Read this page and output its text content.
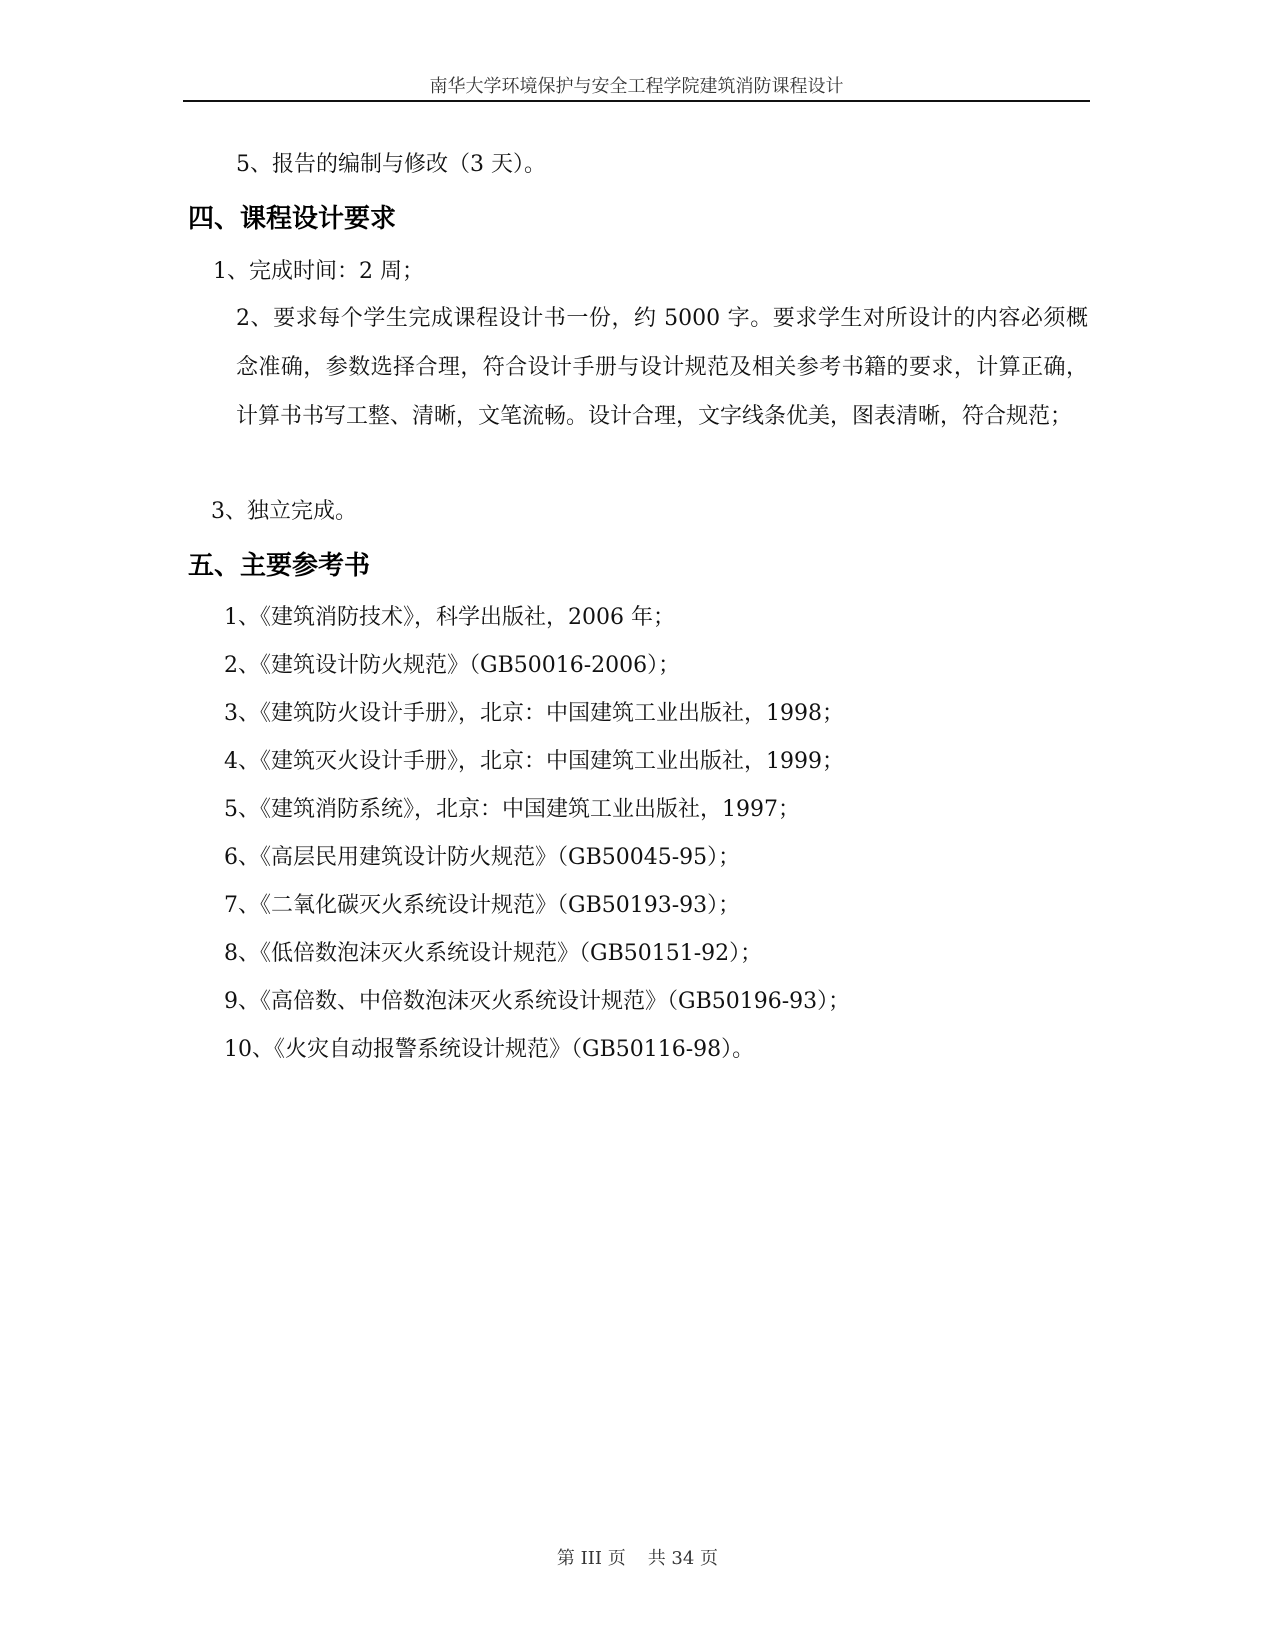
南华大学环境保护与安全工程学院建筑消防课程设计
5、报告的编制与修改（3 天）。
四、课程设计要求
1、完成时间：2 周；
2、要求每个学生完成课程设计书一份，约 5000 字。要求学生对所设计的内容必须概念准确，参数选择合理，符合设计手册与设计规范及相关参考书籍的要求，计算正确，计算书书写工整、清晰，文笔流畅。设计合理，文字线条优美，图表清晰，符合规范；
3、独立完成。
五、主要参考书
1、《建筑消防技术》，科学出版社，2006 年；
2、《建筑设计防火规范》（GB50016-2006）；
3、《建筑防火设计手册》，北京：中国建筑工业出版社，1998；
4、《建筑灭火设计手册》，北京：中国建筑工业出版社，1999；
5、《建筑消防系统》，北京：中国建筑工业出版社，1997；
6、《高层民用建筑设计防火规范》（GB50045-95）；
7、《二氧化碳灭火系统设计规范》（GB50193-93）；
8、《低倍数泡沫灭火系统设计规范》（GB50151-92）；
9、《高倍数、中倍数泡沫灭火系统设计规范》（GB50196-93）；
10、《火灾自动报警系统设计规范》（GB50116-98）。
第 III 页 共 34 页
